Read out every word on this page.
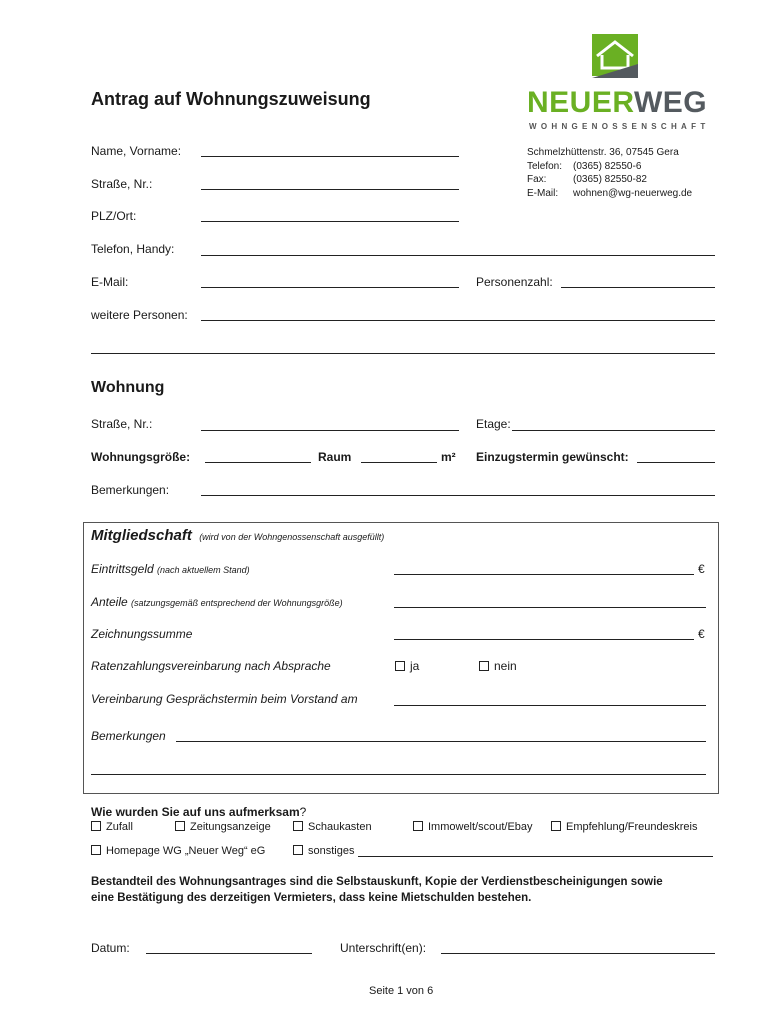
Antrag auf Wohnungszuweisung	NEUERWEG
WOHNGENOSSENSCHAFT
Schmelzhüttenstr. 36, 07545 Gera
Telefon: (0365) 82550-6
Fax:	(0365) 82550-82
E-Mail: wohnen@wg-neuerweg.de
Name, Vorname:
Straße, Nr.:
PLZ/Ort:
Telefon, Handy:
E-Mail:	Personenzahl:
weitere Personen:
Wohnung
Straße, Nr.:	Etage:
Wohnungsgröße:	Raum	m² Einzugstermin gewünscht:
Bemerkungen:
Mitgliedschaft (wird von der Wohngenossenschaft ausgefüllt)
Eintrittsgeld (nach aktuellem Stand)	€
Anteile (satzungsgemäß entsprechend der Wohnungsgröße)
Zeichnungssumme	€
Ratenzahlungsvereinbarung nach Absprache	ja	nein
Vereinbarung Gesprächstermin beim Vorstand am
Bemerkungen
Wie wurden Sie auf uns aufmerksam?
Zufall	Zeitungsanzeige	Schaukasten	Immowelt/scout/Ebay	Empfehlung/Freundeskreis
Homepage WG „Neuer Weg“ eG	sonstiges
Bestandteil des Wohnungsantrages sind die Selbstauskunft, Kopie der Verdienstbescheinigungen sowie
eine Bestätigung des derzeitigen Vermieters, dass keine Mietschulden bestehen.
Datum:	Unterschrift(en):
Seite 1 von 6
